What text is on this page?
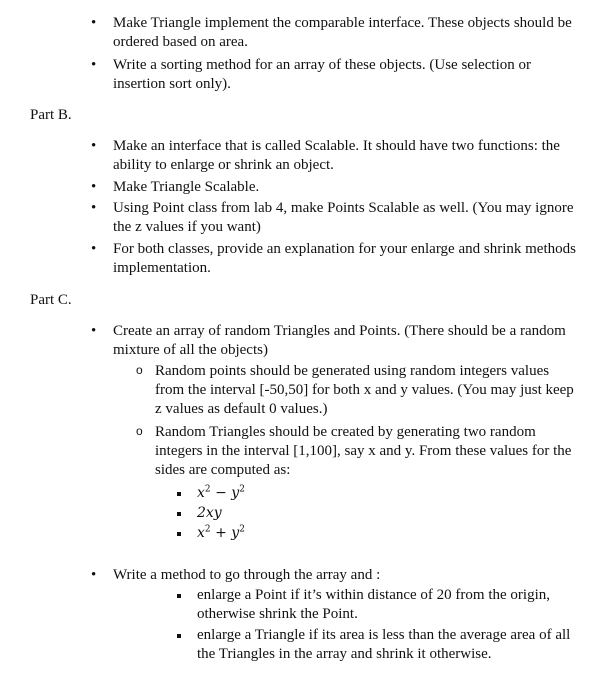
• Make Triangle implement the comparable interface. These objects should be ordered based on area.
• Write a sorting method for an array of these objects. (Use selection or insertion sort only).
Part B.
• Make an interface that is called Scalable. It should have two functions: the ability to enlarge or shrink an object.
• Make Triangle Scalable.
• Using Point class from lab 4, make Points Scalable as well. (You may ignore the z values if you want)
• For both classes, provide an explanation for your enlarge and shrink methods implementation.
Part C.
• Create an array of random Triangles and Points. (There should be a random mixture of all the objects)
o Random points should be generated using random integers values from the interval [-50,50] for both x and y values. (You may just keep z values as default 0 values.)
o Random Triangles should be created by generating two random integers in the interval [1,100], say x and y. From these values for the sides are computed as:
$x^2 - y^2$
2xy
$x^2 + y^2$
• Write a method to go through the array and :
enlarge a Point if it’s within distance of 20 from the origin, otherwise shrink the Point.
enlarge a Triangle if its area is less than the average area of all the Triangles in the array and shrink it otherwise.
